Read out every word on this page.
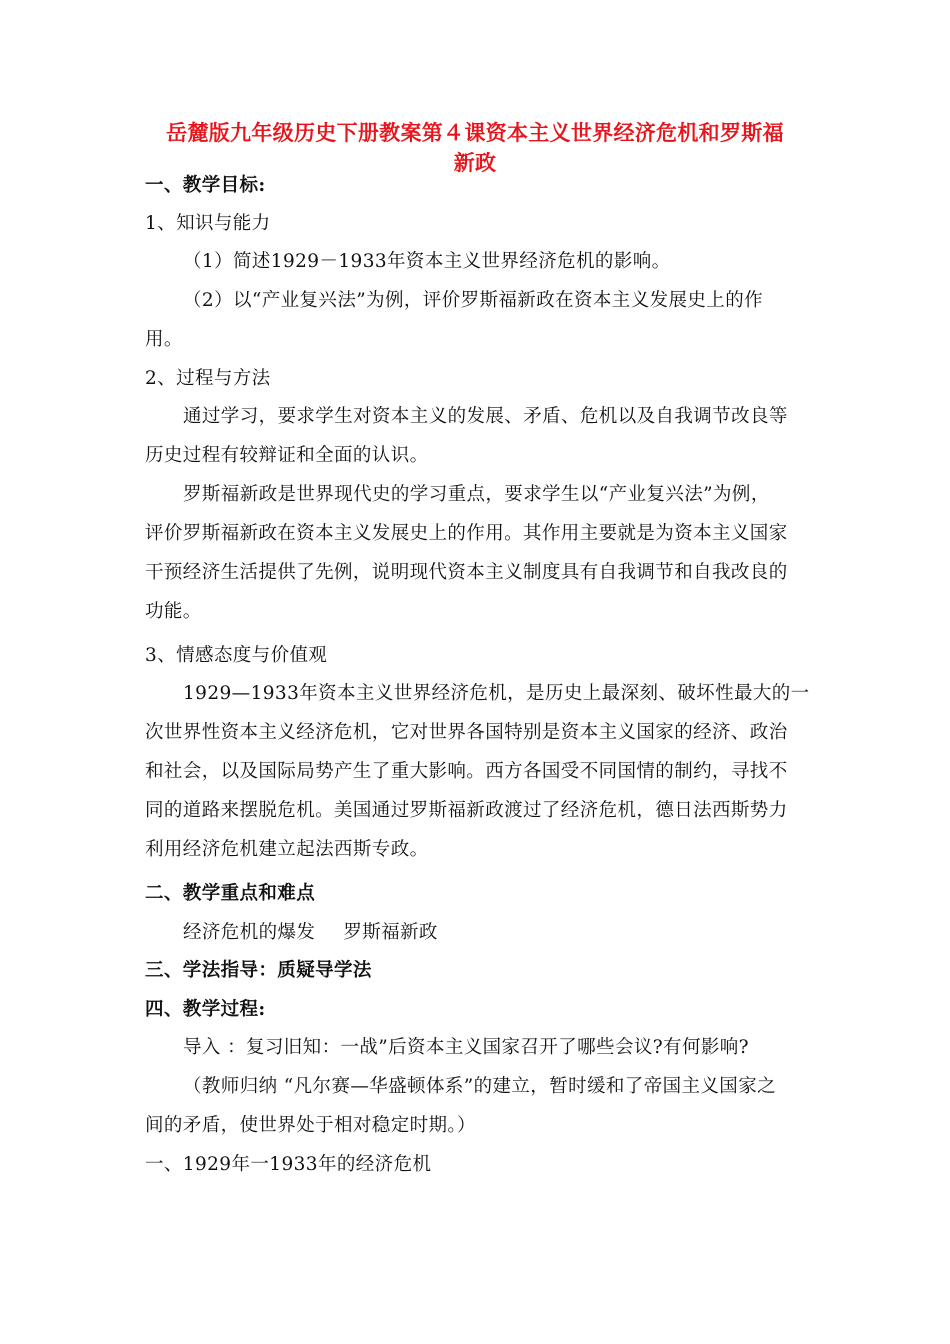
岳麓版九年级历史下册教案第４课资本主义世界经济危机和罗斯福
新政
一、教学目标:
1、知识与能力
（1）简述1929－1933年资本主义世界经济危机的影响。
（2）以“产业复兴法”为例，评价罗斯福新政在资本主义发展史上的作
用。
2、过程与方法
通过学习，要求学生对资本主义的发展、矛盾、危机以及自我调节改良等
历史过程有较辩证和全面的认识。
罗斯福新政是世界现代史的学习重点，要求学生以“产业复兴法”为例，
评价罗斯福新政在资本主义发展史上的作用。其作用主要就是为资本主义国家
干预经济生活提供了先例，说明现代资本主义制度具有自我调节和自我改良的
功能。
3、情感态度与价值观
1929—1933年资本主义世界经济危机，是历史上最深刻、破坏性最大的一
次世界性资本主义经济危机，它对世界各国特别是资本主义国家的经济、政治
和社会，以及国际局势产生了重大影响。西方各国受不同国情的制约，寻找不
同的道路来摆脱危机。美国通过罗斯福新政渡过了经济危机，德日法西斯势力
利用经济危机建立起法西斯专政。
二、教学重点和难点
经济危机的爆发 罗斯福新政
三、学法指导：质疑导学法
四、教学过程:
导入 ：复习旧知：一战”后资本主义国家召开了哪些会议?有何影响?
（教师归纳 “凡尔赛—华盛顿体系”的建立，暂时缓和了帝国主义国家之
间的矛盾，使世界处于相对稳定时期。）
一、1929年一1933年的经济危机
